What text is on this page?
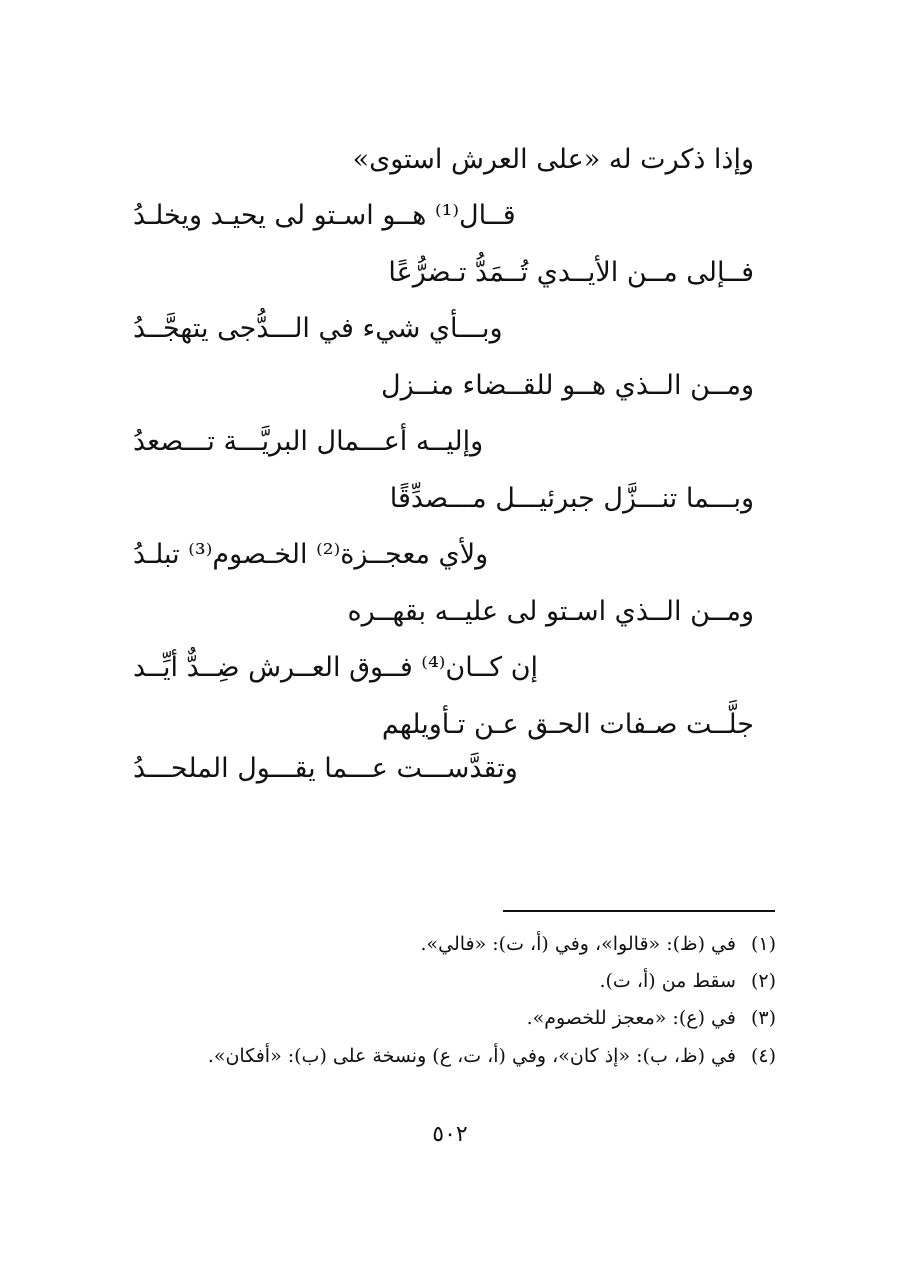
وإذا ذكرت له «على العرش استوى»
قــال⁽¹⁾ هــو اسـتو لى يحيـد ويخلـدُ
فــإلى مــن الأيــدي تُــمَدُّ تـضرُّعًا
وبـــأي شيء في الـــدُّجى يتهجَّــدُ
ومــن الــذي هــو للقــضاء منــزل
وإليــه أعـــمال البريَّـــة تـــصعدُ
وبـــما تنـــزَّل جبرئيـــل مـــصدِّقًا
ولأي معجــزة⁽²⁾ الخـصوم⁽³⁾ تبلـدُ
ومــن الــذي اسـتو لى عليــه بقهــره
إن كــان⁽⁴⁾ فــوق العــرش ضِــدٌّ أيِّــد
جلَّــت صـفات الحـق عـن تـأويلهم
وتقدَّســـت عـــما يقـــول الملحـــدُ
(١) في (ظ): «قالوا»، وفي (أ، ت): «فالي».
(٢) سقط من (أ، ت).
(٣) في (ع): «معجز للخصوم».
(٤) في (ظ، ب): «إذ كان»، وفي (أ، ت، ع) ونسخة على (ب): «أفكان».
٥٠٢
